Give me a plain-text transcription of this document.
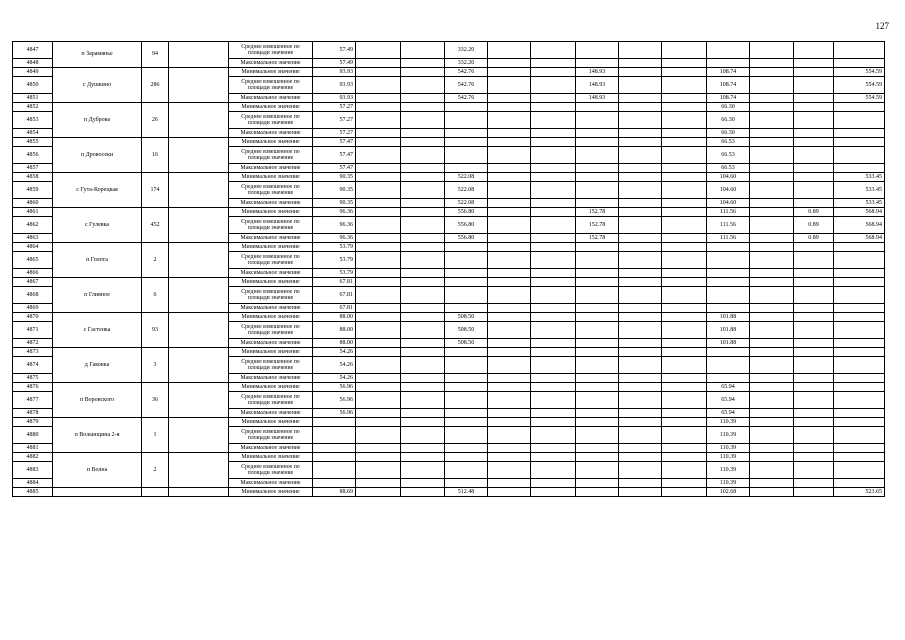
127
4847	п Зарамянье	94		Среднее взвешенное по площади значение	57.49			332.20									
4848				Максимальное значение	57.49			332.20									
4849	с Душкино	286		Минимальное значение	93.93			542.76			148.93			108.74			554.59
4850				Среднее взвешенное по площади значение	93.93			542.76			148.93			108.74			554.59
4851				Максимальное значение	93.93			542.76			148.93			108.74			554.59
4852	п Дуброва	26		Минимальное значение	57.27									66.30			
4853				Среднее взвешенное по площади значение	57.27									66.30			
4854				Максимальное значение	57.27									66.30			
4855	п Дровосеки	16		Минимальное значение	57.47									66.53			
4856				Среднее взвешенное по площади значение	57.47									66.53			
4857				Максимальное значение	57.47									66.53			
4858	с Гута-Корецкая	174		Минимальное значение	90.35			522.08						104.60			533.45
4859				Среднее взвешенное по площади значение	90.35			522.08						104.60			533.45
4860				Максимальное значение	90.35			522.08						104.60			533.45
4861	с Гулевка	452		Минимальное значение	96.36			556.80			152.78			111.56		0.89	568.94
4862				Среднее взвешенное по площади значение	96.36			556.80			152.78			111.56		0.89	568.94
4863				Максимальное значение	96.36			556.80			152.78			111.56		0.89	568.94
4864	п Голота	2		Минимальное значение	53.79												
4865				Среднее взвешенное по площади значение	53.79												
4866				Максимальное значение	53.79												
4867	п Гливное	6		Минимальное значение	67.81												
4868				Среднее взвешенное по площади значение	67.81												
4869				Максимальное значение	67.81												
4870	с Гастенка	93		Минимальное значение	88.00			508.50						101.88			
4871				Среднее взвешенное по площади значение	88.00			508.50						101.88			
4872				Максимальное значение	88.00			508.50						101.88			
4873	д Гаковка	3		Минимальное значение	54.26												
4874				Среднее взвешенное по площади значение	54.26												
4875				Максимальное значение	54.26												
4876	п Воровского	36		Минимальное значение	56.96									65.94			
4877				Среднее взвешенное по площади значение	56.96									65.94			
4878				Максимальное значение	56.96									65.94			
4879	п Волынщина 2-я	1		Минимальное значение										110.39			
4880				Среднее взвешенное по площади значение										110.39			
4881				Максимальное значение										110.39			
4882	п Волна	2		Минимальное значение										110.39			
4883				Среднее взвешенное по площади значение										110.39			
4884				Максимальное значение										110.39			
4885				Минимальное значение	88.69			512.48						102.68			523.65
